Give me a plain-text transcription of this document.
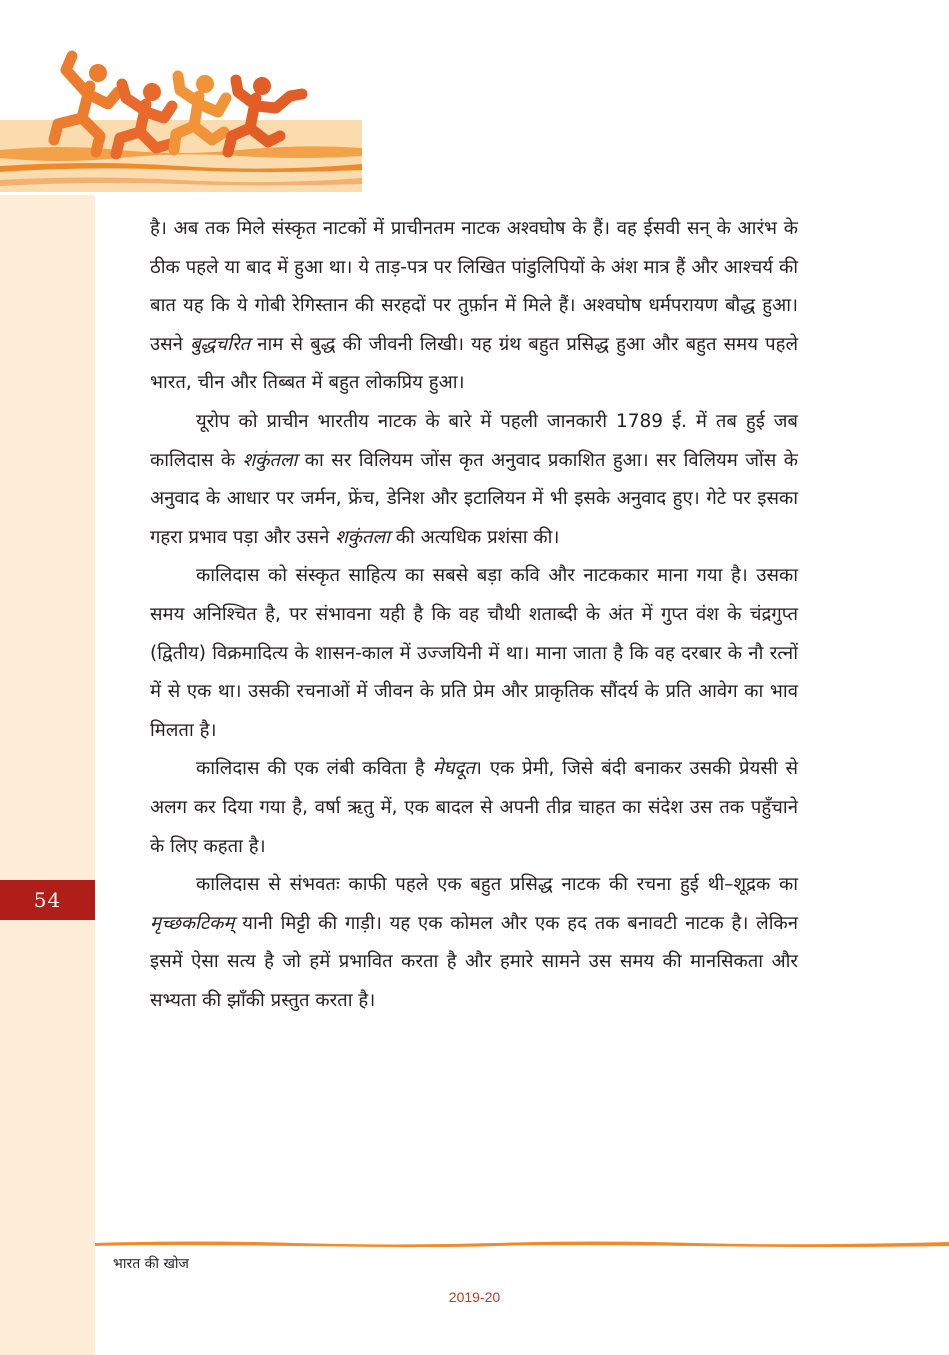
है। अब तक मिले संस्कृत नाटकों में प्राचीनतम नाटक अश्वघोष के हैं। वह ईसवी सन् के आरंभ के ठीक पहले या बाद में हुआ था। ये ताड़-पत्र पर लिखित पांडुलिपियों के अंश मात्र हैं और आश्चर्य की बात यह कि ये गोबी रेगिस्तान की सरहदों पर तुर्फ़ान में मिले हैं। अश्वघोष धर्मपरायण बौद्ध हुआ। उसने बुद्धचरित नाम से बुद्ध की जीवनी लिखी। यह ग्रंथ बहुत प्रसिद्ध हुआ और बहुत समय पहले भारत, चीन और तिब्बत में बहुत लोकप्रिय हुआ।

यूरोप को प्राचीन भारतीय नाटक के बारे में पहली जानकारी 1789 ई. में तब हुई जब कालिदास के शकुंतला का सर विलियम जोंस कृत अनुवाद प्रकाशित हुआ। सर विलियम जोंस के अनुवाद के आधार पर जर्मन, फ्रेंच, डेनिश और इटालियन में भी इसके अनुवाद हुए। गेटे पर इसका गहरा प्रभाव पड़ा और उसने शकुंतला की अत्यधिक प्रशंसा की।

कालिदास को संस्कृत साहित्य का सबसे बड़ा कवि और नाटककार माना गया है। उसका समय अनिश्चित है, पर संभावना यही है कि वह चौथी शताब्दी के अंत में गुप्त वंश के चंद्रगुप्त (द्वितीय) विक्रमादित्य के शासन-काल में उज्जयिनी में था। माना जाता है कि वह दरबार के नौ रत्नों में से एक था। उसकी रचनाओं में जीवन के प्रति प्रेम और प्राकृतिक सौंदर्य के प्रति आवेग का भाव मिलता है।

कालिदास की एक लंबी कविता है मेघदूत। एक प्रेमी, जिसे बंदी बनाकर उसकी प्रेयसी से अलग कर दिया गया है, वर्षा ऋतु में, एक बादल से अपनी तीव्र चाहत का संदेश उस तक पहुँचाने के लिए कहता है।

कालिदास से संभवतः काफी पहले एक बहुत प्रसिद्ध नाटक की रचना हुई थी–शूद्रक का मृच्छकटिकम् यानी मिट्टी की गाड़ी। यह एक कोमल और एक हद तक बनावटी नाटक है। लेकिन इसमें ऐसा सत्य है जो हमें प्रभावित करता है और हमारे सामने उस समय की मानसिकता और सभ्यता की झाँकी प्रस्तुत करता है।

54
भारत की खोज
2019-20
